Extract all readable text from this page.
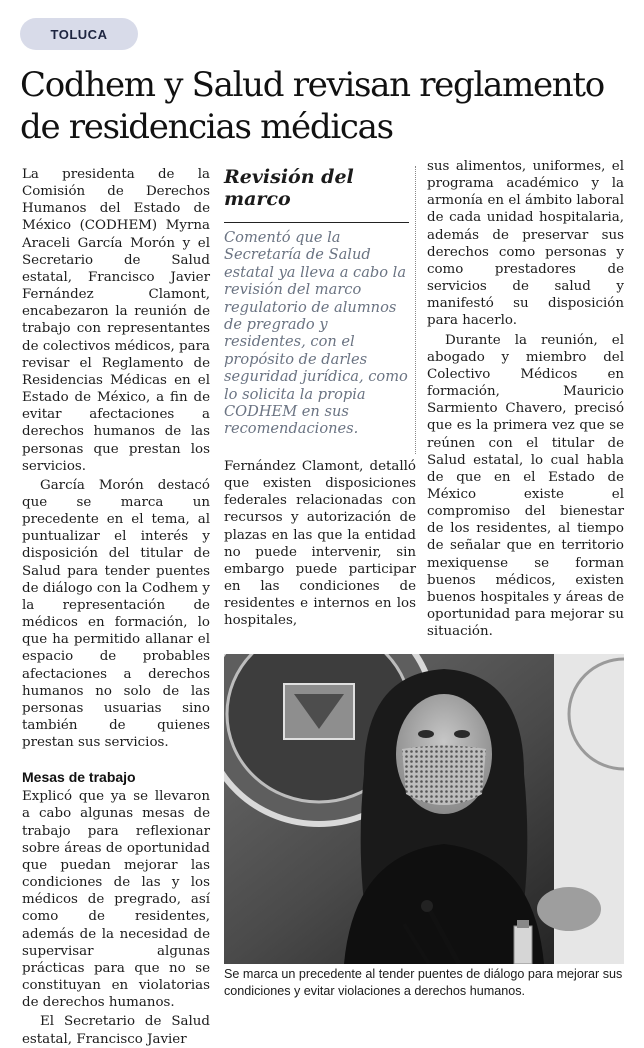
TOLUCA
Codhem y Salud revisan reglamento de residencias médicas

La presidenta de la Comisión de Derechos Humanos del Estado de México (CODHEM) Myrna Araceli García Morón y el Secretario de Salud estatal, Francisco Javier Fernández Clamont, encabezaron la reunión de trabajo con representantes de colectivos médicos, para revisar el Reglamento de Residencias Médicas en el Estado de México, a fin de evitar afectaciones a derechos humanos de las personas que prestan los servicios.

García Morón destacó que se marca un precedente en el tema, al puntualizar el interés y disposición del titular de Salud para tender puentes de diálogo con la Codhem y la representación de médicos en formación, lo que ha permitido allanar el espacio de probables afectaciones a derechos humanos no solo de las personas usuarias sino también de quienes prestan sus servicios.

Mesas de trabajo

Explicó que ya se llevaron a cabo algunas mesas de trabajo para reflexionar sobre áreas de oportunidad que puedan mejorar las condiciones de las y los médicos de pregrado, así como de residentes, además de la necesidad de supervisar algunas prácticas para que no se constituyan en violatorias de derechos humanos.

El Secretario de Salud estatal, Francisco Javier

Revisión del marco

Comentó que la Secretaría de Salud estatal ya lleva a cabo la revisión del marco regulatorio de alumnos de pregrado y residentes, con el propósito de darles seguridad jurídica, como lo solicita la propia CODHEM en sus recomendaciones.

Fernández Clamont, detalló que existen disposiciones federales relacionadas con recursos y autorización de plazas en las que la entidad no puede intervenir, sin embargo puede participar en las condiciones de residentes e internos en los hospitales,

sus alimentos, uniformes, el programa académico y la armonía en el ámbito laboral de cada unidad hospitalaria, además de preservar sus derechos como personas y como prestadores de servicios de salud y manifestó su disposición para hacerlo.

Durante la reunión, el abogado y miembro del Colectivo Médicos en formación, Mauricio Sarmiento Chavero, precisó que es la primera vez que se reúnen con el titular de Salud estatal, lo cual habla de que en el Estado de México existe el compromiso del bienestar de los residentes, al tiempo de señalar que en territorio mexiquense se forman buenos médicos, existen buenos hospitales y áreas de oportunidad para mejorar su situación.

Se marca un precedente al tender puentes de diálogo para mejorar sus condiciones y evitar violaciones a derechos humanos.
